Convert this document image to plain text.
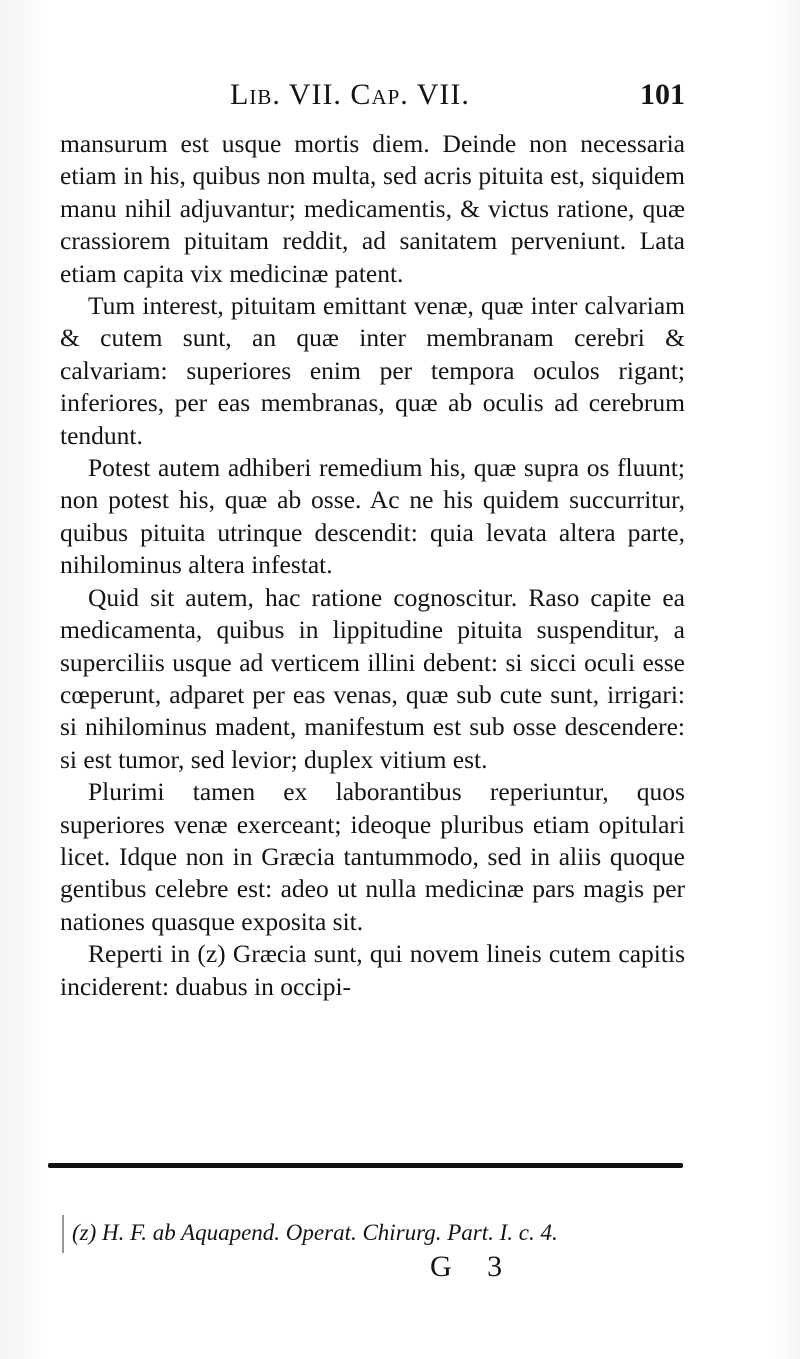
Lib. VII. Cap. VII.	101

mansurum est usque mortis diem. Deinde non necessaria etiam in his, quibus non multa, sed acris pituita est, siquidem manu nihil adjuvantur; medicamentis, & victus ratione, quæ crassiorem pituitam reddit, ad sanitatem perveniunt. Lata etiam capita vix medicinæ patent.

Tum interest, pituitam emittant venæ, quæ inter calvariam & cutem sunt, an quæ inter membranam cerebri & calvariam: superiores enim per tempora oculos rigant; inferiores, per eas membranas, quæ ab oculis ad cerebrum tendunt.

Potest autem adhiberi remedium his, quæ supra os fluunt; non potest his, quæ ab osse. Ac ne his quidem succurritur, quibus pituita utrinque descendit: quia levata altera parte, nihilominus altera infestat.

Quid sit autem, hac ratione cognoscitur. Raso capite ea medicamenta, quibus in lippitudine pituita suspenditur, a superciliis usque ad verticem illini debent: si sicci oculi esse cœperunt, adparet per eas venas, quæ sub cute sunt, irrigari: si nihilominus madent, manifestum est sub osse descendere: si est tumor, sed levior; duplex vitium est.

Plurimi tamen ex laborantibus reperiuntur, quos superiores venæ exerceant; ideoque pluribus etiam opitulari licet. Idque non in Græcia tantummodo, sed in aliis quoque gentibus celebre est: adeo ut nulla medicinæ pars magis per nationes quasque exposita sit.

Reperti in (z) Græcia sunt, qui novem lineis cutem capitis inciderent: duabus in occipi-

(z) H. F. ab Aquapend. Operat. Chirurg. Part. I. c. 4.
G 3
